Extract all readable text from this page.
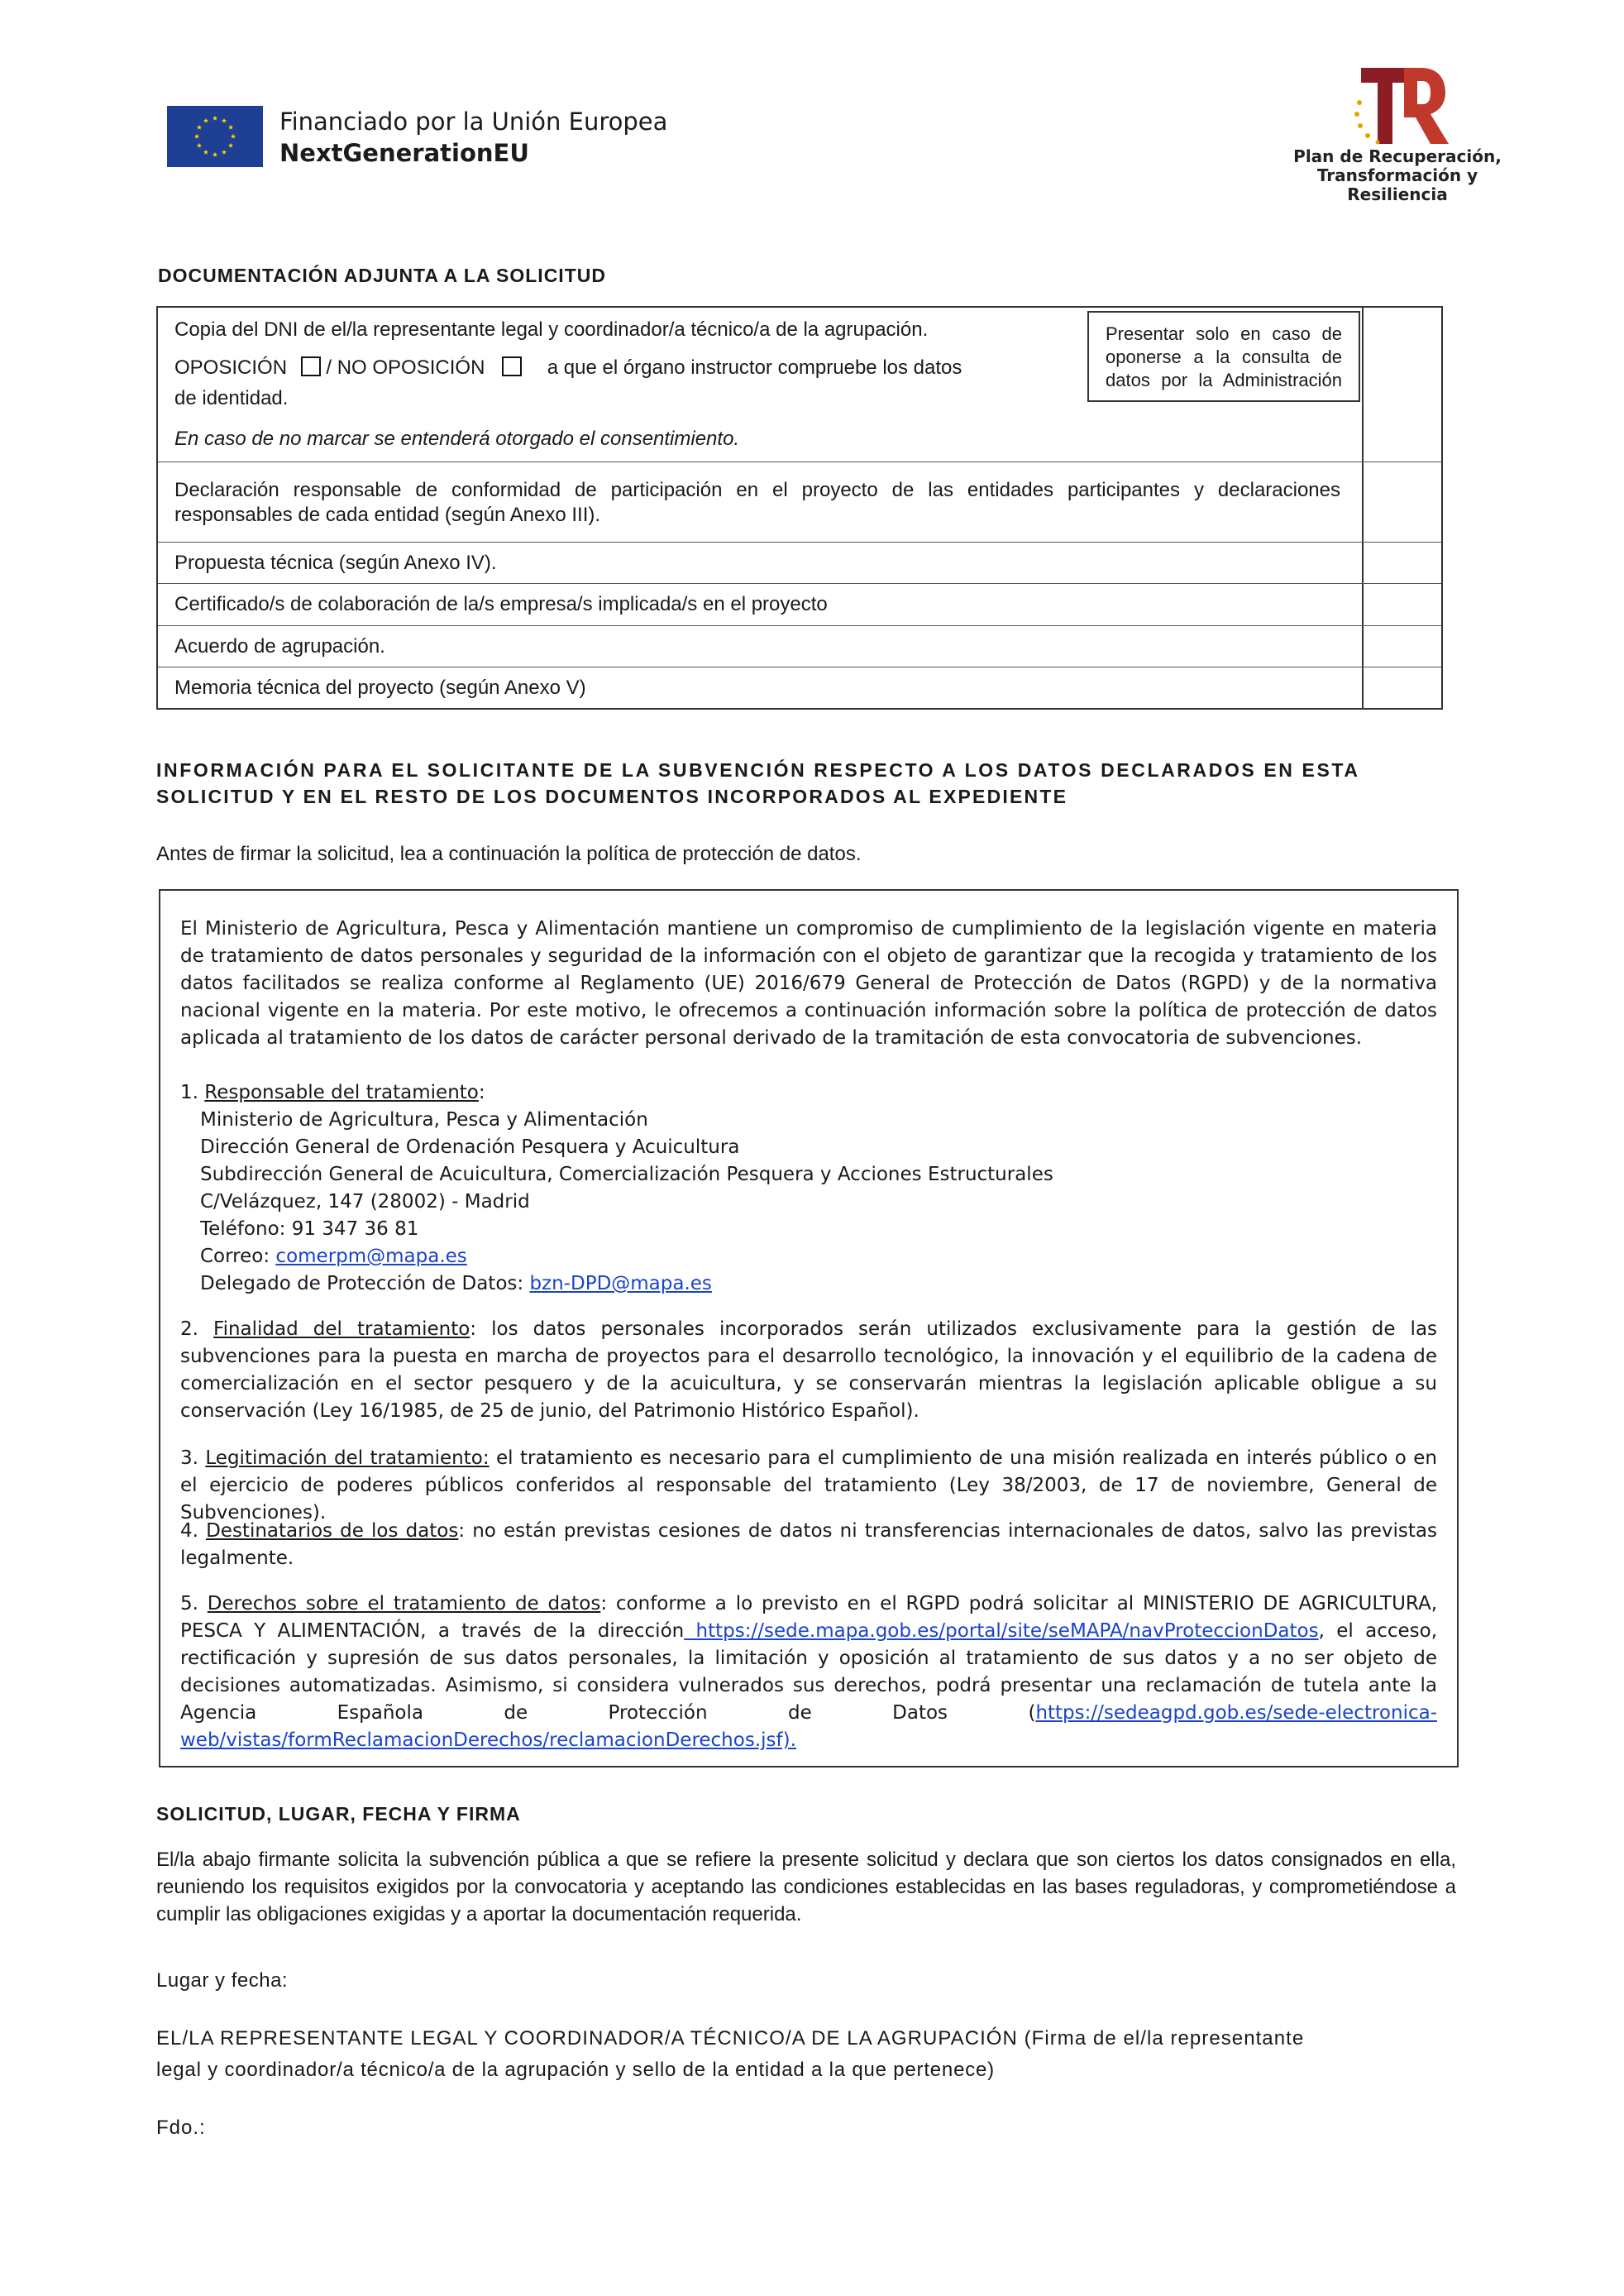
Financiado por la Unión Europea
NextGenerationEU	Plan de Recuperación,
Transformación y
Resiliencia
DOCUMENTACIÓN ADJUNTA A LA SOLICITUD
Copia del DNI de el/la representante legal y coordinador/a técnico/a de la agrupación.
OPOSICIÓN / NO OPOSICIÓN	a que el órgano instructor compruebe los datos
de identidad.
En caso de no marcar se entenderá otorgado el consentimiento.
Presentar solo en caso de oponerse a la consulta de datos por la Administración
Declaración responsable de conformidad de participación en el proyecto de las entidades participantes y declaraciones responsables de cada entidad (según Anexo III).
Propuesta técnica (según Anexo IV).
Certificado/s de colaboración de la/s empresa/s implicada/s en el proyecto
Acuerdo de agrupación.
Memoria técnica del proyecto (según Anexo V)
INFORMACIÓN PARA EL SOLICITANTE DE LA SUBVENCIÓN RESPECTO A LOS DATOS DECLARADOS EN ESTA
SOLICITUD Y EN EL RESTO DE LOS DOCUMENTOS INCORPORADOS AL EXPEDIENTE
Antes de firmar la solicitud, lea a continuación la política de protección de datos.
El Ministerio de Agricultura, Pesca y Alimentación mantiene un compromiso de cumplimiento de la legislación vigente en materia de tratamiento de datos personales y seguridad de la información con el objeto de garantizar que la recogida y tratamiento de los datos facilitados se realiza conforme al Reglamento (UE) 2016/679 General de Protección de Datos (RGPD) y de la normativa nacional vigente en la materia. Por este motivo, le ofrecemos a continuación información sobre la política de protección de datos aplicada al tratamiento de los datos de carácter personal derivado de la tramitación de esta convocatoria de subvenciones.
1. Responsable del tratamiento:
Ministerio de Agricultura, Pesca y Alimentación
Dirección General de Ordenación Pesquera y Acuicultura
Subdirección General de Acuicultura, Comercialización Pesquera y Acciones Estructurales
C/Velázquez, 147 (28002) - Madrid
Teléfono: 91 347 36 81
Correo: comerpm@mapa.es
Delegado de Protección de Datos: bzn-DPD@mapa.es
2. Finalidad del tratamiento: los datos personales incorporados serán utilizados exclusivamente para la gestión de las subvenciones para la puesta en marcha de proyectos para el desarrollo tecnológico, la innovación y el equilibrio de la cadena de comercialización en el sector pesquero y de la acuicultura, y se conservarán mientras la legislación aplicable obligue a su conservación (Ley 16/1985, de 25 de junio, del Patrimonio Histórico Español).
3. Legitimación del tratamiento: el tratamiento es necesario para el cumplimiento de una misión realizada en interés público o en el ejercicio de poderes públicos conferidos al responsable del tratamiento (Ley 38/2003, de 17 de noviembre, General de Subvenciones).
4. Destinatarios de los datos: no están previstas cesiones de datos ni transferencias internacionales de datos, salvo las previstas legalmente.
5. Derechos sobre el tratamiento de datos: conforme a lo previsto en el RGPD podrá solicitar al MINISTERIO DE AGRICULTURA, PESCA Y ALIMENTACIÓN, a través de la dirección https://sede.mapa.gob.es/portal/site/seMAPA/navProteccionDatos, el acceso, rectificación y supresión de sus datos personales, la limitación y oposición al tratamiento de sus datos y a no ser objeto de decisiones automatizadas. Asimismo, si considera vulnerados sus derechos, podrá presentar una reclamación de tutela ante la Agencia Española de Protección de Datos (https://sedeagpd.gob.es/sede-electronica-web/vistas/formReclamacionDerechos/reclamacionDerechos.jsf).
SOLICITUD, LUGAR, FECHA Y FIRMA
El/la abajo firmante solicita la subvención pública a que se refiere la presente solicitud y declara que son ciertos los datos consignados en ella, reuniendo los requisitos exigidos por la convocatoria y aceptando las condiciones establecidas en las bases reguladoras, y comprometiéndose a cumplir las obligaciones exigidas y a aportar la documentación requerida.
Lugar y fecha:
EL/LA REPRESENTANTE LEGAL Y COORDINADOR/A TÉCNICO/A DE LA AGRUPACIÓN (Firma de el/la representante
legal y coordinador/a técnico/a de la agrupación y sello de la entidad a la que pertenece)
Fdo.:
